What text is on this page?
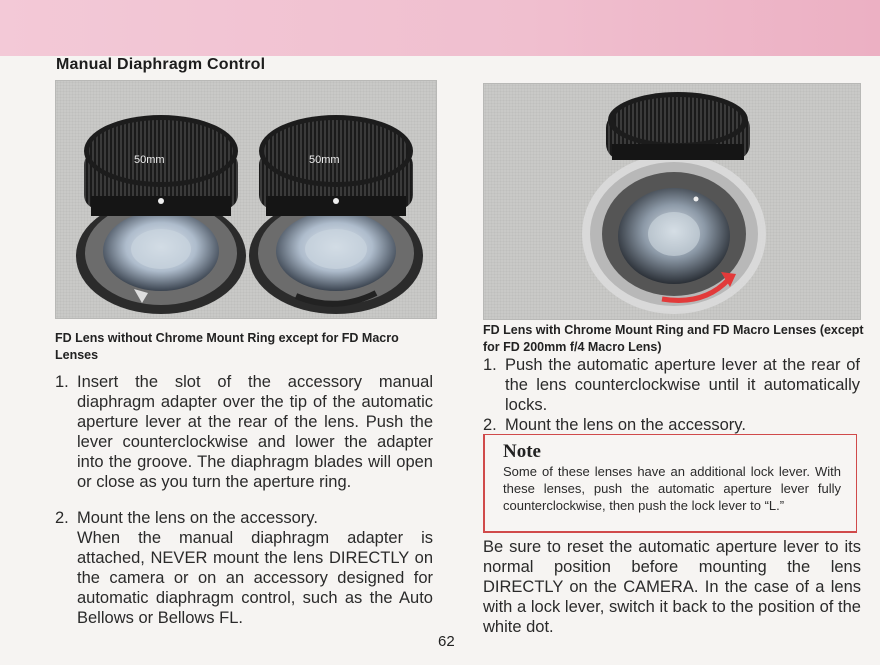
Manual Diaphragm Control
50mm	50mm
FD Lens without Chrome Mount Ring except for FD Macro Lenses
1. Insert the slot of the accessory manual diaphragm adapter over the tip of the automatic aperture lever at the rear of the lens. Push the lever counterclockwise and lower the adapter into the groove. The diaphragm blades will open or close as you turn the aperture ring.
2. Mount the lens on the accessory.
When the manual diaphragm adapter is attached, NEVER mount the lens DIRECTLY on the camera or on an accessory designed for automatic diaphragm control, such as the Auto Bellows or Bellows FL.
FD Lens with Chrome Mount Ring and FD Macro Lenses (except for FD 200mm f/4 Macro Lens)
1. Push the automatic aperture lever at the rear of the lens counterclockwise until it automatically locks.
2. Mount the lens on the accessory.
Note
Some of these lenses have an additional lock lever. With these lenses, push the automatic aperture lever fully counterclockwise, then push the lock lever to “L.”
Be sure to reset the automatic aperture lever to its normal position before mounting the lens DIRECTLY on the CAMERA. In the case of a lens with a lock lever, switch it back to the position of the white dot.
62
